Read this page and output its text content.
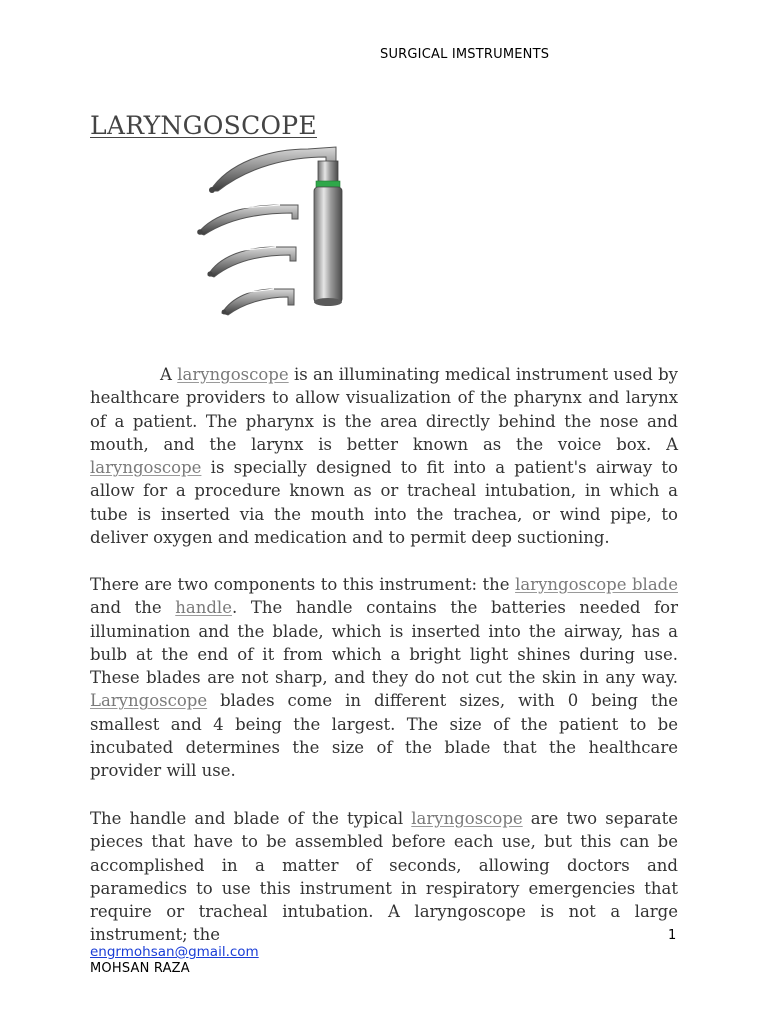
SURGICAL IMSTRUMENTS
LARYNGOSCOPE

A laryngoscope is an illuminating medical instrument used by healthcare providers to allow visualization of the pharynx and larynx of a patient. The pharynx is the area directly behind the nose and mouth, and the larynx is better known as the voice box. A laryngoscope is specially designed to fit into a patient's airway to allow for a procedure known as or tracheal intubation, in which a tube is inserted via the mouth into the trachea, or wind pipe, to deliver oxygen and medication and to permit deep suctioning.

There are two components to this instrument: the laryngoscope blade and the handle. The handle contains the batteries needed for illumination and the blade, which is inserted into the airway, has a bulb at the end of it from which a bright light shines during use. These blades are not sharp, and they do not cut the skin in any way. Laryngoscope blades come in different sizes, with 0 being the smallest and 4 being the largest. The size of the patient to be incubated determines the size of the blade that the healthcare provider will use.

The handle and blade of the typical laryngoscope are two separate pieces that have to be assembled before each use, but this can be accomplished in a matter of seconds, allowing doctors and paramedics to use this instrument in respiratory emergencies that require or tracheal intubation. A laryngoscope is not a large instrument; the	1
engrmohsan@gmail.com
MOHSAN RAZA
